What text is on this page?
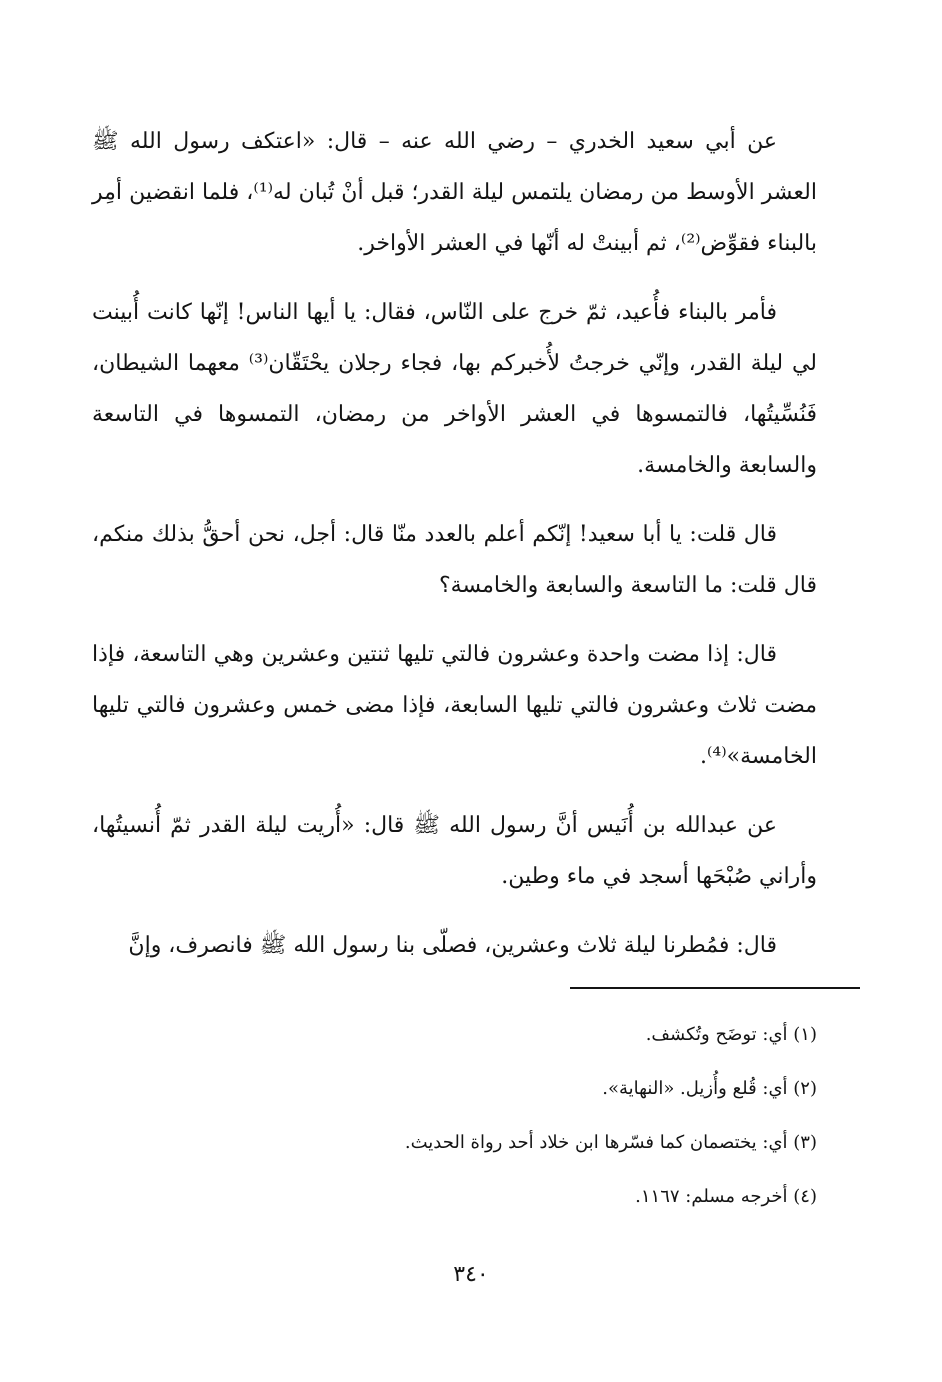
عن أبي سعيد الخدري – رضي الله عنه – قال: «اعتكف رسول الله ﷺ العشر الأوسط من رمضان يلتمس ليلة القدر؛ قبل أنْ تُبان له⁽¹⁾، فلما انقضين أمِر بالبناء فقوِّض⁽²⁾، ثم أبينتْ له أنّها في العشر الأواخر.

فأمر بالبناء فأُعيد، ثمّ خرج على النّاس، فقال: يا أيها الناس! إنّها كانت أُبينت لي ليلة القدر، وإنّي خرجتُ لأُخبركم بها، فجاء رجلان يحْتَقّان⁽³⁾ معهما الشيطان، فَنُسِّيتُها، فالتمسوها في العشر الأواخر من رمضان، التمسوها في التاسعة والسابعة والخامسة.

قال قلت: يا أبا سعيد! إنّكم أعلم بالعدد منّا قال: أجل، نحن أحقُّ بذلك منكم، قال قلت: ما التاسعة والسابعة والخامسة؟

قال: إذا مضت واحدة وعشرون فالتي تليها ثنتين وعشرين وهي التاسعة، فإذا مضت ثلاث وعشرون فالتي تليها السابعة، فإذا مضى خمس وعشرون فالتي تليها الخامسة»⁽⁴⁾.

عن عبدالله بن أُنَيس أنَّ رسول الله ﷺ قال: «أُريت ليلة القدر ثمّ أُنسيتُها، وأراني صُبْحَها أسجد في ماء وطين.

قال: فمُطرنا ليلة ثلاث وعشرين، فصلّى بنا رسول الله ﷺ فانصرف، وإنَّ

(١) أي: توضَح وتُكشف.

(٢) أي: قُلع وأُزيل. «النهاية».

(٣) أي: يختصمان كما فسّرها ابن خلاد أحد رواة الحديث.

(٤) أخرجه مسلم: ١١٦٧.

٣٤٠
